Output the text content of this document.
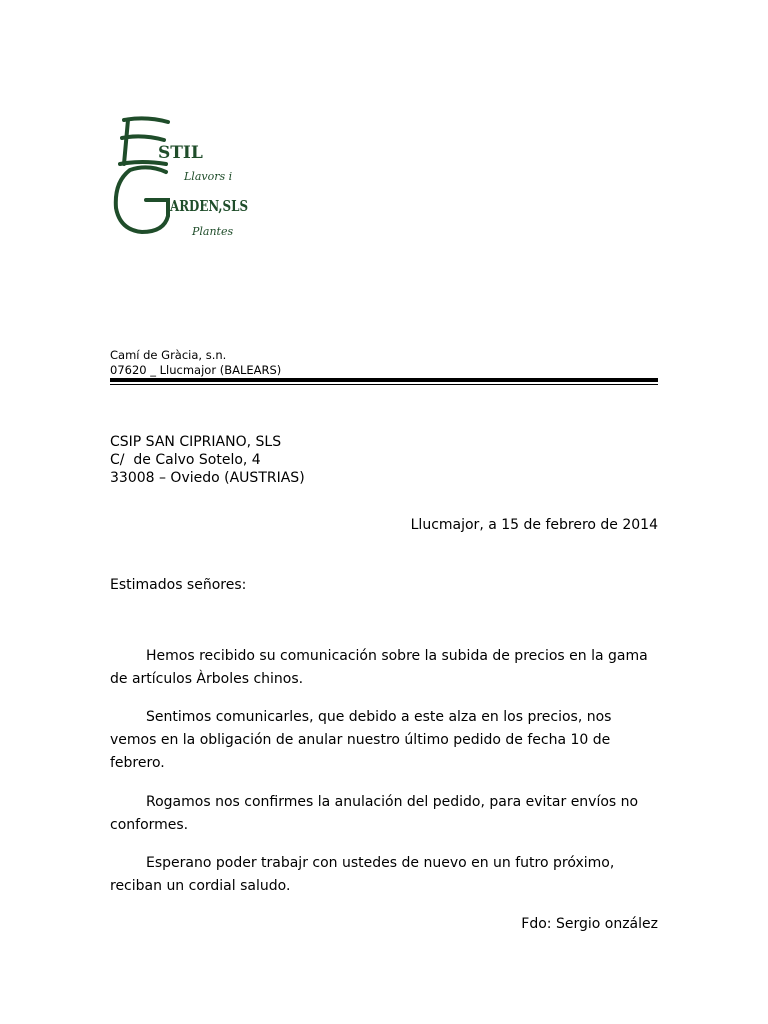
STIL
Llavors i
ARDEN,SLS
Plantes
Camí de Gràcia, s.n.
07620 _ Llucmajor (BALEARS)
CSIP SAN CIPRIANO, SLS
C/  de Calvo Sotelo, 4
33008 – Oviedo (AUSTRIAS)
Llucmajor, a 15 de febrero de 2014
Estimados señores:

Hemos recibido su comunicación sobre la subida de precios en la gama de artículos Àrboles chinos.

Sentimos comunicarles, que debido a este alza en los precios, nos vemos en la obligación de anular nuestro último pedido de fecha 10 de febrero.

Rogamos nos confirmes la anulación del pedido, para evitar envíos no conformes.

Esperano poder trabajr con ustedes de nuevo en un futro próximo, reciban un cordial saludo.

Fdo: Sergio onzález
